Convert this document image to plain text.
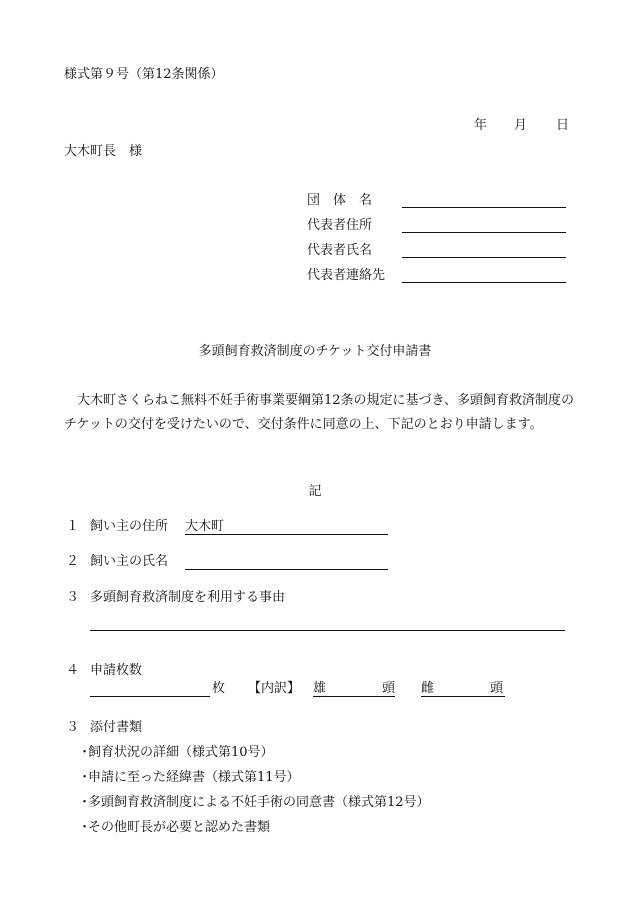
様式第９号（第12条関係）
年 月 日
大木町長　様
団　体　名
代表者住所
代表者氏名
代表者連絡先
多頭飼育救済制度のチケット交付申請書
大木町さくらねこ無料不妊手術事業要綱第12条の規定に基づき、多頭飼育救済制度のチケットの交付を受けたいので、交付条件に同意の上、下記のとおり申請します。
記
１ 飼い主の住所 大木町
２ 飼い主の氏名
３ 多頭飼育救済制度を利用する事由
４ 申請枚数
枚 【内訳】 雄	頭 雌	頭
３ 添付書類
・飼育状況の詳細（様式第10号）
・申請に至った経緯書（様式第11号）
・多頭飼育救済制度による不妊手術の同意書（様式第12号）
・その他町長が必要と認めた書類
